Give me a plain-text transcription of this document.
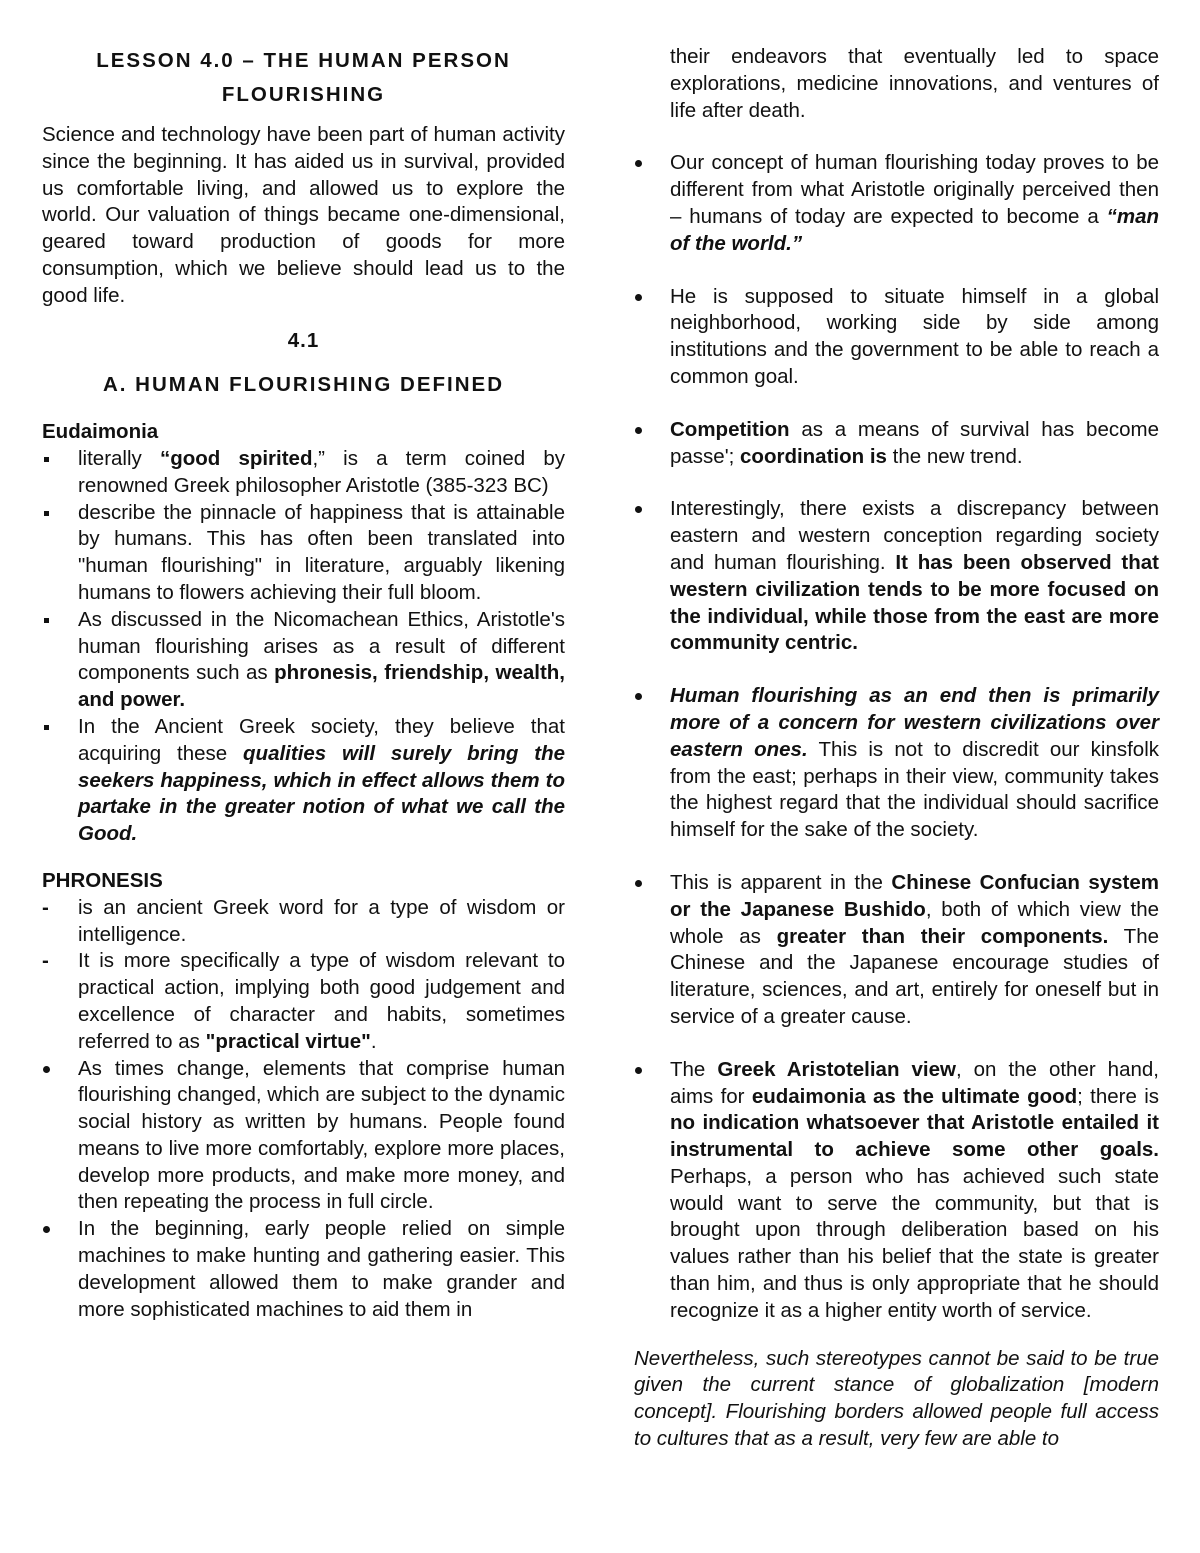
LESSON 4.0 – THE HUMAN PERSON
FLOURISHING

Science and technology have been part of human activity since the beginning. It has aided us in survival, provided us comfortable living, and allowed us to explore the world. Our valuation of things became one-dimensional, geared toward production of goods for more consumption, which we believe should lead us to the good life.

4.1

A. HUMAN FLOURISHING DEFINED

Eudaimonia

literally “good spirited,” is a term coined by renowned Greek philosopher Aristotle (385-323 BC)
describe the pinnacle of happiness that is attainable by humans. This has often been translated into "human flourishing" in literature, arguably likening humans to flowers achieving their full bloom.
As discussed in the Nicomachean Ethics, Aristotle's human flourishing arises as a result of different components such as phronesis, friendship, wealth, and power.
In the Ancient Greek society, they believe that acquiring these qualities will surely bring the seekers happiness, which in effect allows them to partake in the greater notion of what we call the Good.

PHRONESIS

- is an ancient Greek word for a type of wisdom or intelligence.
- It is more specifically a type of wisdom relevant to practical action, implying both good judgement and excellence of character and habits, sometimes referred to as "practical virtue".
As times change, elements that comprise human flourishing changed, which are subject to the dynamic social history as written by humans. People found means to live more comfortably, explore more places, develop more products, and make more money, and then repeating the process in full circle.
In the beginning, early people relied on simple machines to make hunting and gathering easier. This development allowed them to make grander and more sophisticated machines to aid them in

their endeavors that eventually led to space explorations, medicine innovations, and ventures of life after death.

Our concept of human flourishing today proves to be different from what Aristotle originally perceived then – humans of today are expected to become a “man of the world.”
He is supposed to situate himself in a global neighborhood, working side by side among institutions and the government to be able to reach a common goal.
Competition as a means of survival has become passe'; coordination is the new trend.
Interestingly, there exists a discrepancy between eastern and western conception regarding society and human flourishing. It has been observed that western civilization tends to be more focused on the individual, while those from the east are more community centric.
Human flourishing as an end then is primarily more of a concern for western civilizations over eastern ones. This is not to discredit our kinsfolk from the east; perhaps in their view, community takes the highest regard that the individual should sacrifice himself for the sake of the society.
This is apparent in the Chinese Confucian system or the Japanese Bushido, both of which view the whole as greater than their components. The Chinese and the Japanese encourage studies of literature, sciences, and art, entirely for oneself but in service of a greater cause.
The Greek Aristotelian view, on the other hand, aims for eudaimonia as the ultimate good; there is no indication whatsoever that Aristotle entailed it instrumental to achieve some other goals. Perhaps, a person who has achieved such state would want to serve the community, but that is brought upon through deliberation based on his values rather than his belief that the state is greater than him, and thus is only appropriate that he should recognize it as a higher entity worth of service.

Nevertheless, such stereotypes cannot be said to be true given the current stance of globalization [modern concept]. Flourishing borders allowed people full access to cultures that as a result, very few are able to
